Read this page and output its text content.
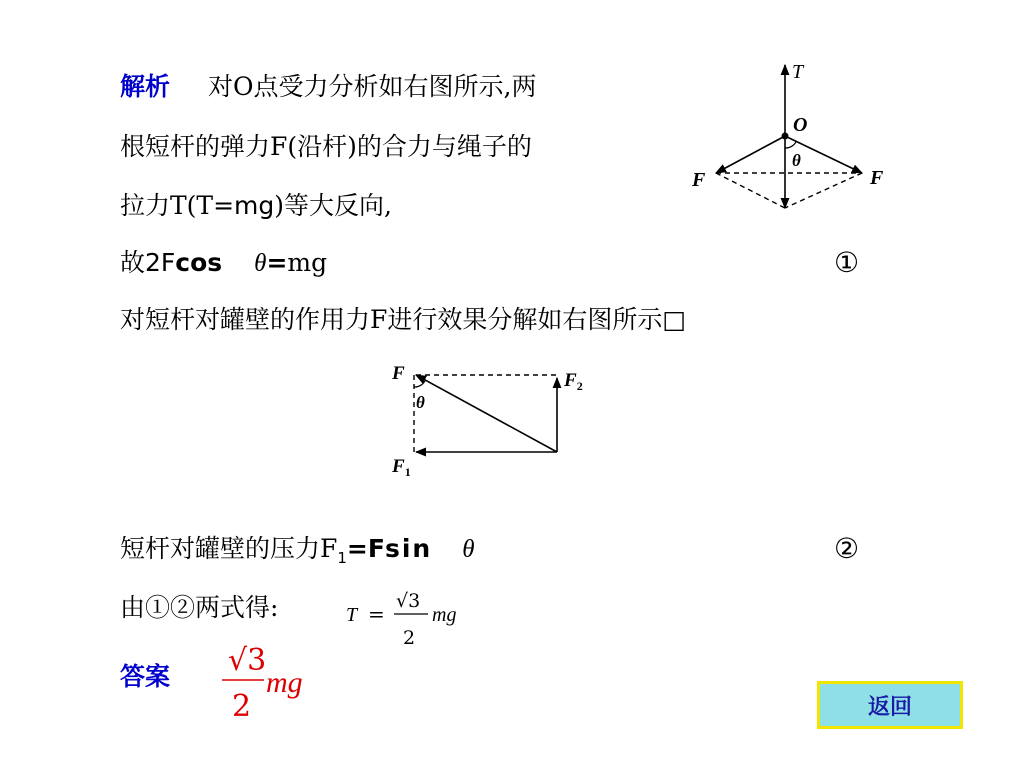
解析 对O点受力分析如右图所示,两
根短杆的弹力F(沿杆)的合力与绳子的
拉力T(T=mg)等大反向,
故2Fcos θ=mg	①
对短杆对罐壁的作用力F进行效果分解如右图所示□
短杆对罐壁的压力$F_1=Fsin$ θ	②
由①②两式得:	T =
√3
2
mg
答案 √3
2
mg
T
O
θ
F	F
F	$F_2$
θ
$F_1$
返回
